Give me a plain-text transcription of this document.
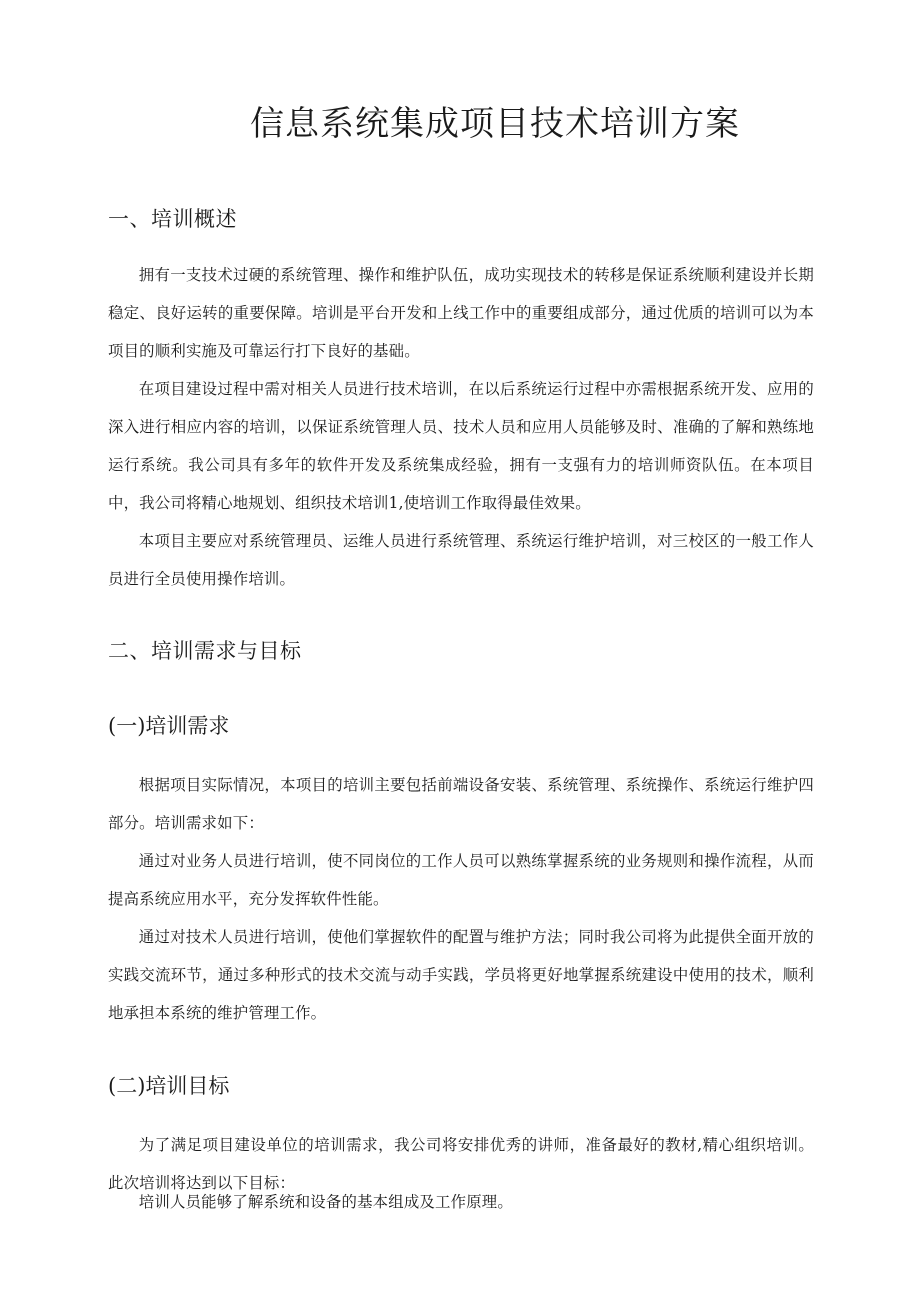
信息系统集成项目技术培训方案
一、培训概述

拥有一支技术过硬的系统管理、操作和维护队伍，成功实现技术的转移是保证系统顺利建设并长期稳定、良好运转的重要保障。培训是平台开发和上线工作中的重要组成部分，通过优质的培训可以为本项目的顺利实施及可靠运行打下良好的基础。

在项目建设过程中需对相关人员进行技术培训，在以后系统运行过程中亦需根据系统开发、应用的深入进行相应内容的培训，以保证系统管理人员、技术人员和应用人员能够及时、准确的了解和熟练地运行系统。我公司具有多年的软件开发及系统集成经验，拥有一支强有力的培训师资队伍。在本项目中，我公司将精心地规划、组织技术培训1,使培训工作取得最佳效果。

本项目主要应对系统管理员、运维人员进行系统管理、系统运行维护培训，对三校区的一般工作人员进行全员使用操作培训。

二、培训需求与目标
(一)培训需求

根据项目实际情况，本项目的培训主要包括前端设备安装、系统管理、系统操作、系统运行维护四部分。培训需求如下：

通过对业务人员进行培训，使不同岗位的工作人员可以熟练掌握系统的业务规则和操作流程，从而提高系统应用水平，充分发挥软件性能。

通过对技术人员进行培训，使他们掌握软件的配置与维护方法；同时我公司将为此提供全面开放的实践交流环节，通过多种形式的技术交流与动手实践，学员将更好地掌握系统建设中使用的技术，顺利地承担本系统的维护管理工作。

(二)培训目标

为了满足项目建设单位的培训需求，我公司将安排优秀的讲师，准备最好的教材,精心组织培训。此次培训将达到以下目标：

培训人员能够了解系统和设备的基本组成及工作原理。
